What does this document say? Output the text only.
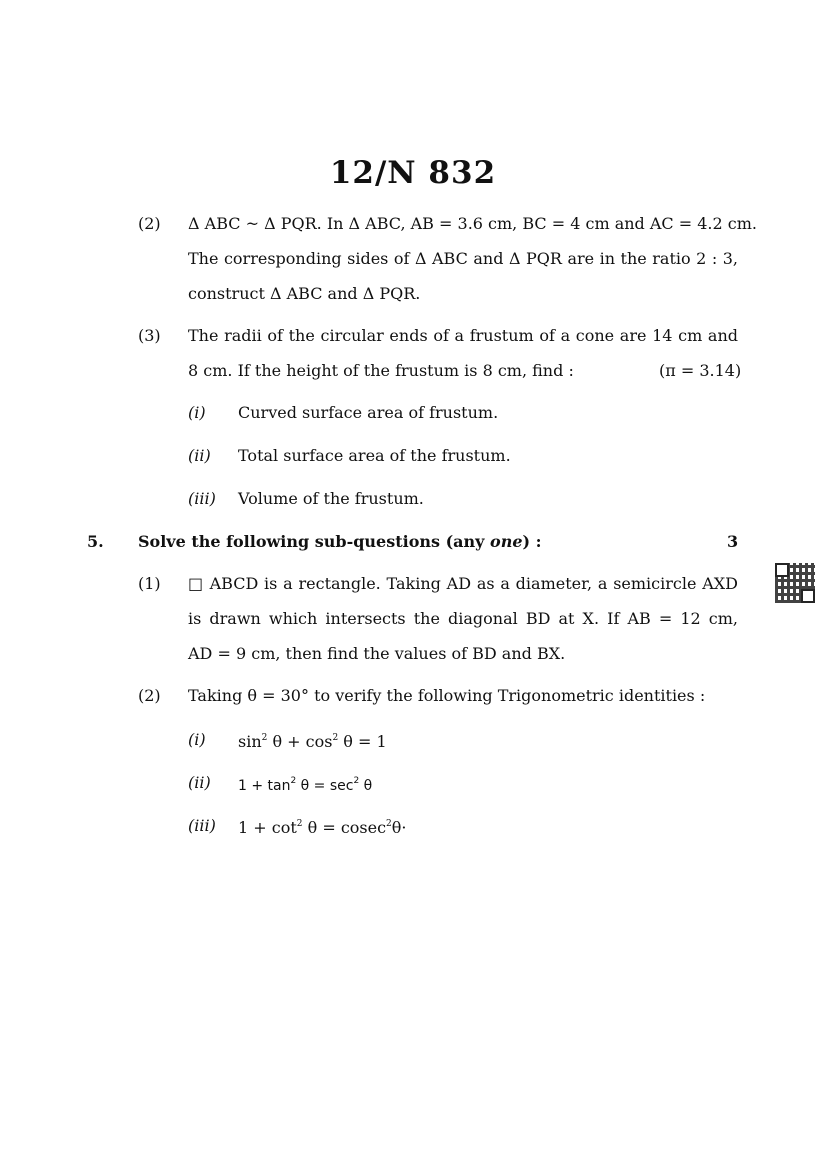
12/N 832
(2) Δ ABC ~ Δ PQR. In Δ ABC, AB = 3.6 cm, BC = 4 cm and AC = 4.2 cm.
The corresponding sides of Δ ABC and Δ PQR are in the ratio 2 : 3,
construct Δ ABC and Δ PQR.
(3) The radii of the circular ends of a frustum of a cone are 14 cm and
8 cm. If the height of the frustum is 8 cm, find :	(π = 3.14)
(i) Curved surface area of frustum.
(ii) Total surface area of the frustum.
(iii) Volume of the frustum.
5. Solve the following sub-questions (any one) :	3
(1) □ ABCD is a rectangle. Taking AD as a diameter, a semicircle AXD
is drawn which intersects the diagonal BD at X. If AB = 12 cm,
AD = 9 cm, then find the values of BD and BX.
(2) Taking θ = 30° to verify the following Trigonometric identities :
(i) $\sin^2 \theta + \cos^2 \theta = 1$
(ii) $1 + \tan^2 \theta = \sec^2 \theta$
(iii) $1 + \cot^2 \theta = cosec^2\theta\cdot$
